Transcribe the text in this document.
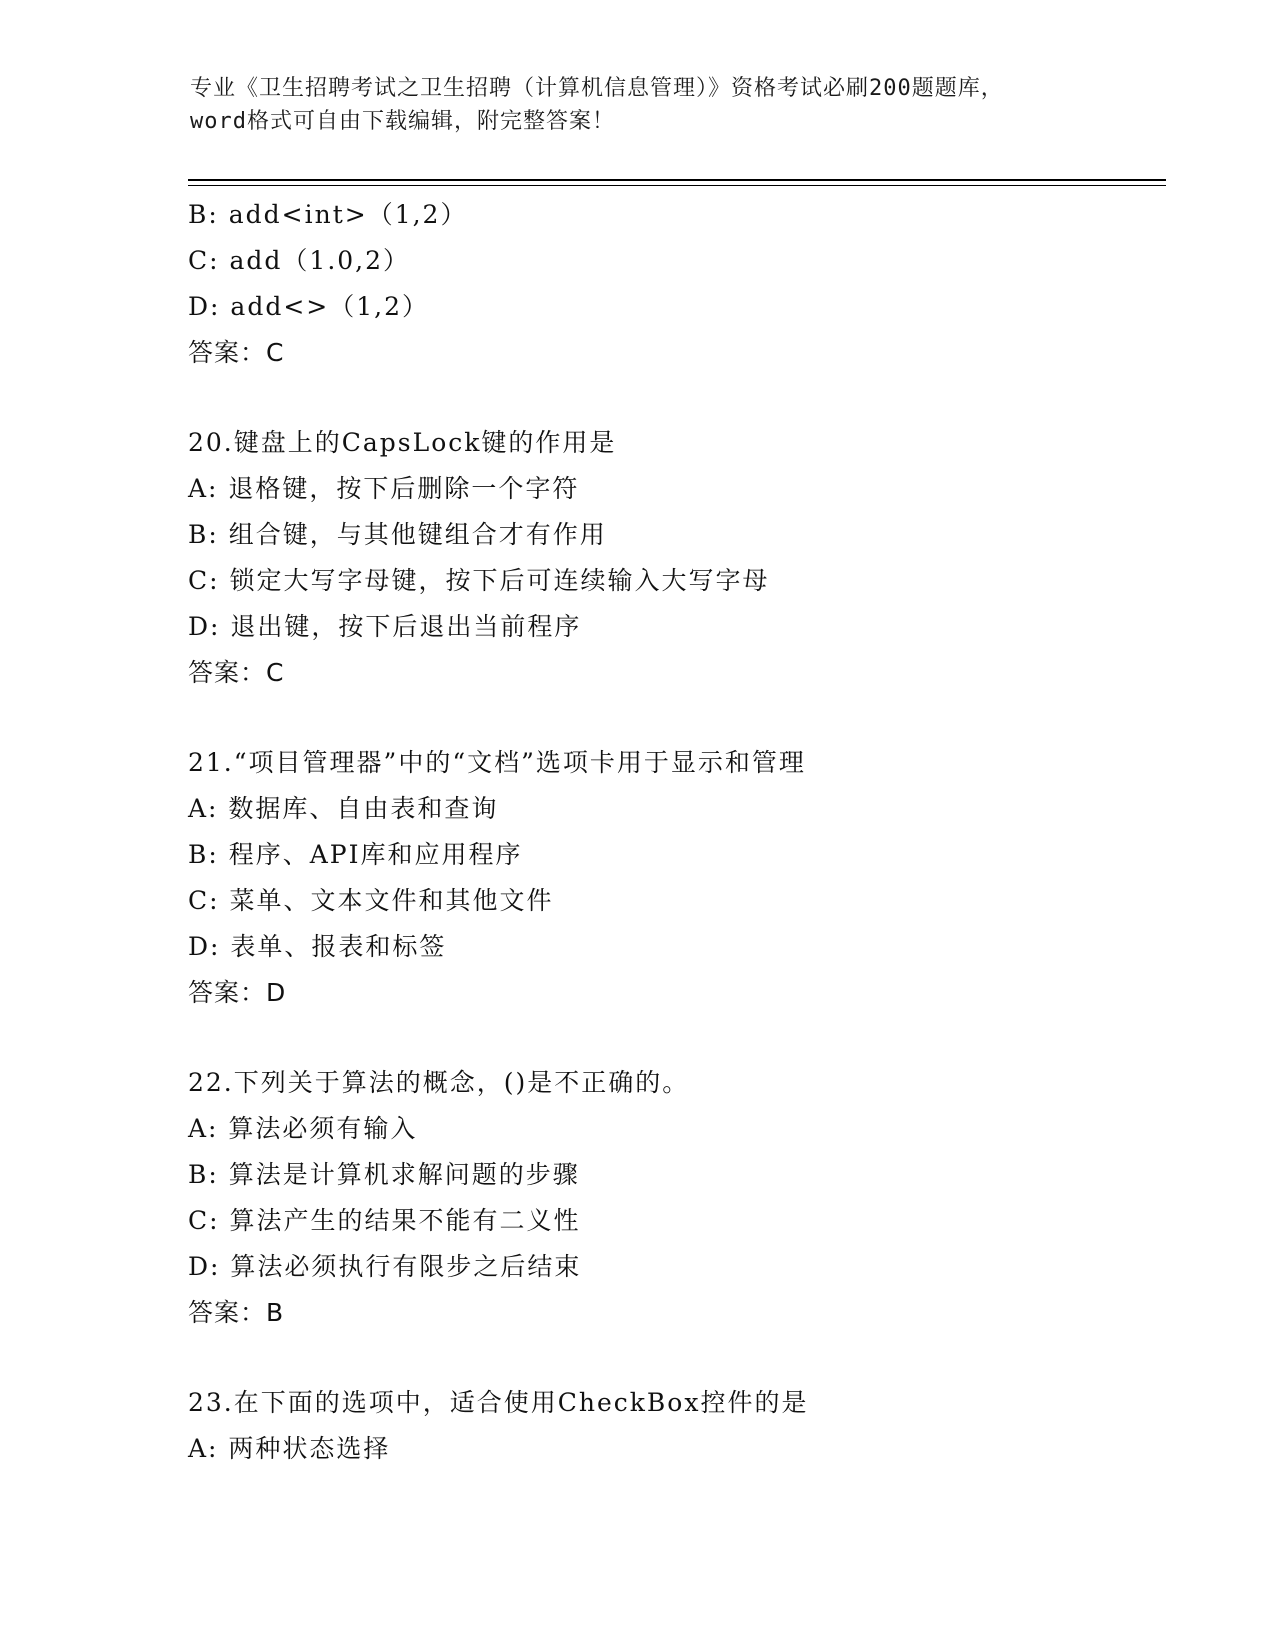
专业《卫生招聘考试之卫生招聘（计算机信息管理）》资格考试必刷200题题库，
word格式可自由下载编辑，附完整答案！
B: add<int>（1,2）
C: add（1.0,2）
D: add<>（1,2）
答案：C
20.键盘上的CapsLock键的作用是
A: 退格键，按下后删除一个字符
B: 组合键，与其他键组合才有作用
C: 锁定大写字母键，按下后可连续输入大写字母
D: 退出键，按下后退出当前程序
答案：C
21.“项目管理器”中的“文档”选项卡用于显示和管理
A: 数据库、自由表和查询
B: 程序、API库和应用程序
C: 菜单、文本文件和其他文件
D: 表单、报表和标签
答案：D
22.下列关于算法的概念，()是不正确的。
A: 算法必须有输入
B: 算法是计算机求解问题的步骤
C: 算法产生的结果不能有二义性
D: 算法必须执行有限步之后结束
答案：B
23.在下面的选项中，适合使用CheckBox控件的是
A: 两种状态选择
